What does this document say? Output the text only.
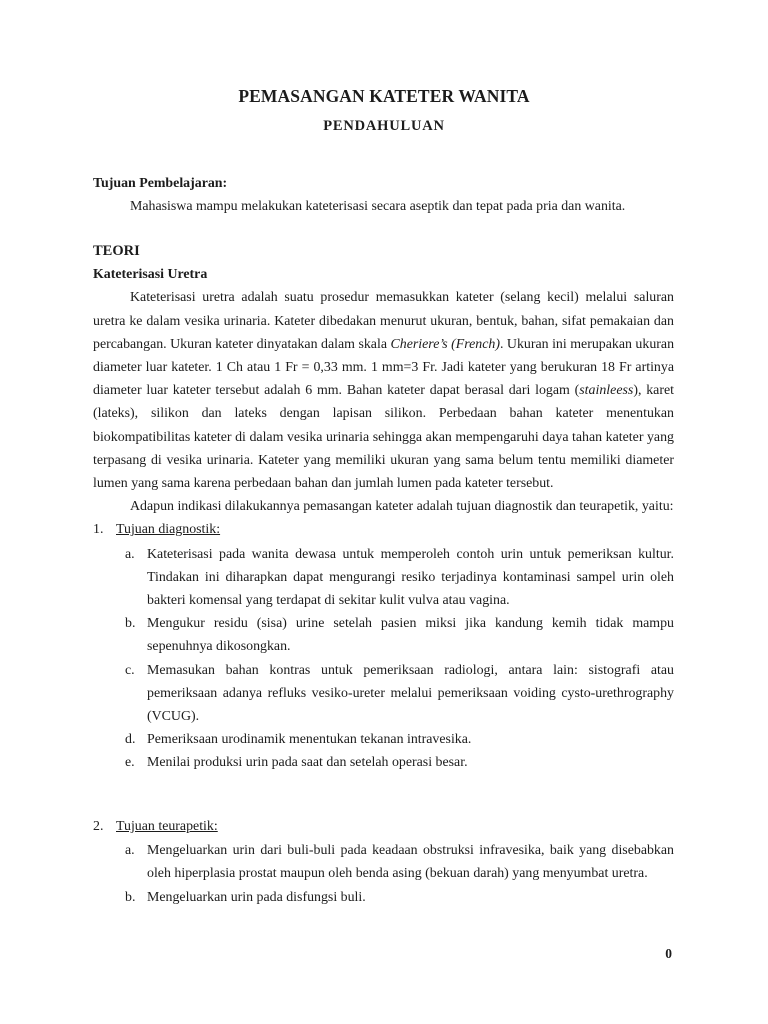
PEMASANGAN KATETER WANITA
PENDAHULUAN
Tujuan Pembelajaran:
Mahasiswa mampu melakukan kateterisasi secara aseptik dan tepat pada pria dan wanita.
TEORI
Kateterisasi Uretra

Kateterisasi uretra adalah suatu prosedur memasukkan kateter (selang kecil) melalui saluran uretra ke dalam vesika urinaria. Kateter dibedakan menurut ukuran, bentuk, bahan, sifat pemakaian dan percabangan. Ukuran kateter dinyatakan dalam skala Cheriere’s (French). Ukuran ini merupakan ukuran diameter luar kateter. 1 Ch atau 1 Fr = 0,33 mm. 1 mm=3 Fr. Jadi kateter yang berukuran 18 Fr artinya diameter luar kateter tersebut adalah 6 mm. Bahan kateter dapat berasal dari logam (stainleess), karet (lateks), silikon dan lateks dengan lapisan silikon. Perbedaan bahan kateter menentukan biokompatibilitas kateter di dalam vesika urinaria sehingga akan mempengaruhi daya tahan kateter yang terpasang di vesika urinaria. Kateter yang memiliki ukuran yang sama belum tentu memiliki diameter lumen yang sama karena perbedaan bahan dan jumlah lumen pada kateter tersebut.

Adapun indikasi dilakukannya pemasangan kateter adalah tujuan diagnostik dan teurapetik, yaitu:

1. Tujuan diagnostik:
a. Kateterisasi pada wanita dewasa untuk memperoleh contoh urin untuk pemeriksan kultur. Tindakan ini diharapkan dapat mengurangi resiko terjadinya kontaminasi sampel urin oleh bakteri komensal yang terdapat di sekitar kulit vulva atau vagina.
b. Mengukur residu (sisa) urine setelah pasien miksi jika kandung kemih tidak mampu sepenuhnya dikosongkan.
c. Memasukan bahan kontras untuk pemeriksaan radiologi, antara lain: sistografi atau pemeriksaan adanya refluks vesiko-ureter melalui pemeriksaan voiding cysto-urethrography (VCUG).
d. Pemeriksaan urodinamik menentukan tekanan intravesika.
e. Menilai produksi urin pada saat dan setelah operasi besar.
2. Tujuan teurapetik:
a. Mengeluarkan urin dari buli-buli pada keadaan obstruksi infravesika, baik yang disebabkan oleh hiperplasia prostat maupun oleh benda asing (bekuan darah) yang menyumbat uretra.
b. Mengeluarkan urin pada disfungsi buli.
0
